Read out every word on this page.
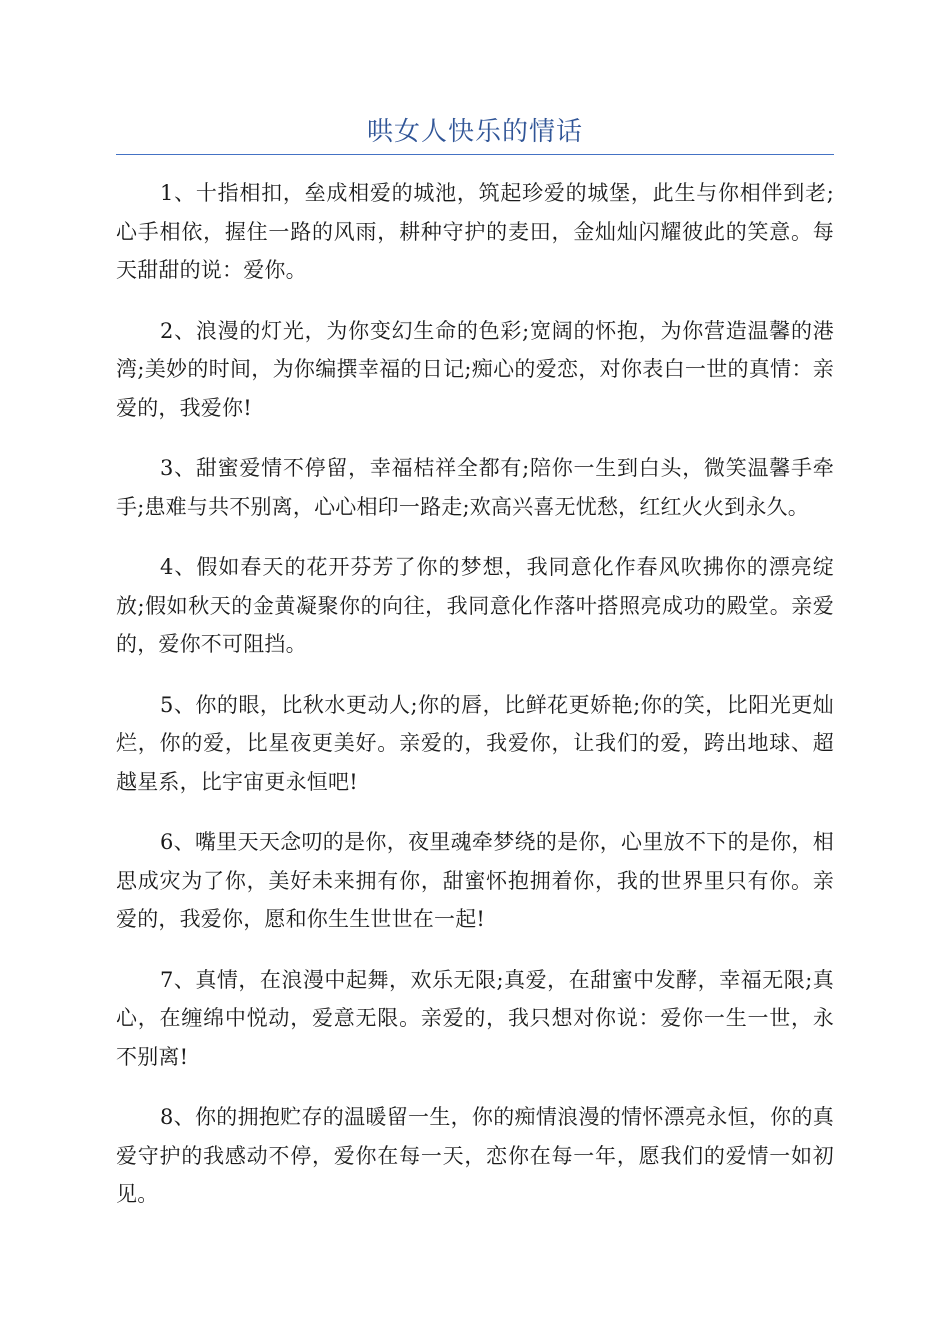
哄女人快乐的情话

1、十指相扣，垒成相爱的城池，筑起珍爱的城堡，此生与你相伴到老;心手相依，握住一路的风雨，耕种守护的麦田，金灿灿闪耀彼此的笑意。每天甜甜的说：爱你。

2、浪漫的灯光，为你变幻生命的色彩;宽阔的怀抱，为你营造温馨的港湾;美妙的时间，为你编撰幸福的日记;痴心的爱恋，对你表白一世的真情：亲爱的，我爱你!

3、甜蜜爱情不停留，幸福桔祥全都有;陪你一生到白头，微笑温馨手牵手;患难与共不别离，心心相印一路走;欢高兴喜无忧愁，红红火火到永久。

4、假如春天的花开芬芳了你的梦想，我同意化作春风吹拂你的漂亮绽放;假如秋天的金黄凝聚你的向往，我同意化作落叶搭照亮成功的殿堂。亲爱的，爱你不可阻挡。

5、你的眼，比秋水更动人;你的唇，比鲜花更娇艳;你的笑，比阳光更灿烂，你的爱，比星夜更美好。亲爱的，我爱你，让我们的爱，跨出地球、超越星系，比宇宙更永恒吧!

6、嘴里天天念叨的是你，夜里魂牵梦绕的是你，心里放不下的是你，相思成灾为了你，美好未来拥有你，甜蜜怀抱拥着你，我的世界里只有你。亲爱的，我爱你，愿和你生生世世在一起!

7、真情，在浪漫中起舞，欢乐无限;真爱，在甜蜜中发酵，幸福无限;真心，在缠绵中悦动，爱意无限。亲爱的，我只想对你说：爱你一生一世，永不别离!

8、你的拥抱贮存的温暖留一生，你的痴情浪漫的情怀漂亮永恒，你的真爱守护的我感动不停，爱你在每一天，恋你在每一年，愿我们的爱情一如初见。
